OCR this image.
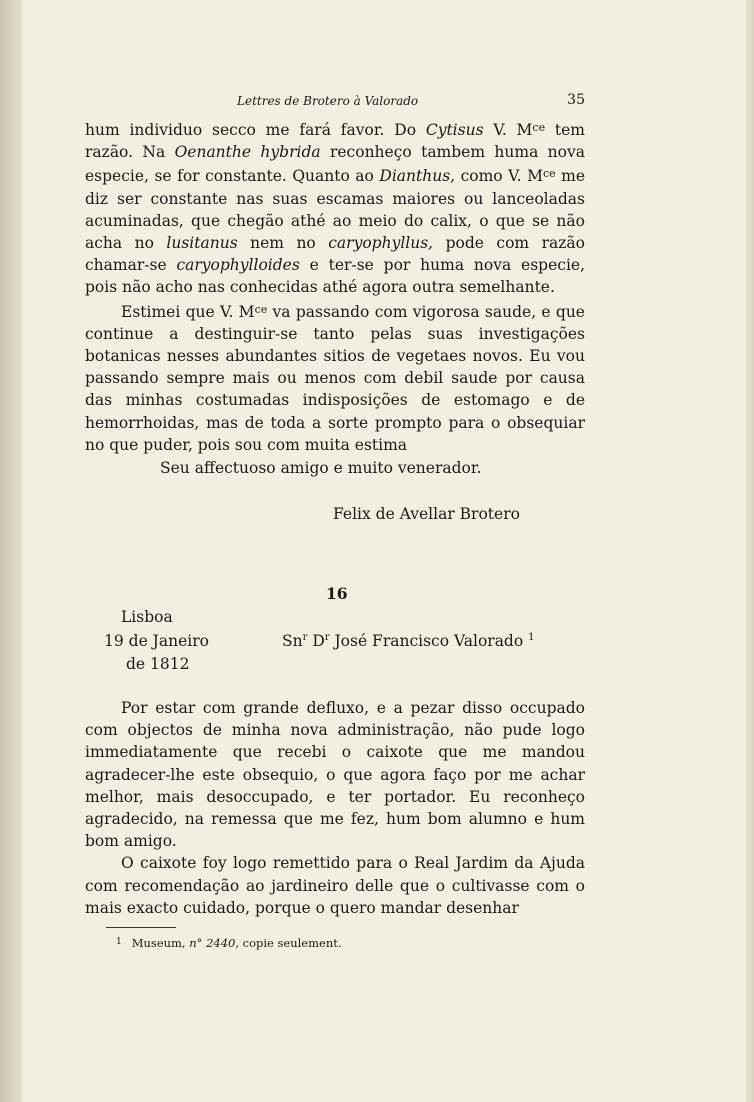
Lettres de Brotero à Valorado	35

hum individuo secco me fará favor. Do Cytisus V. $M^{ce}$ tem razão. Na Oenanthe hybrida reconheço tambem huma nova especie, se for constante. Quanto ao Dianthus, como V. $M^{ce}$ me diz ser constante nas suas escamas maiores ou lanceoladas acuminadas, que chegão athé ao meio do calix, o que se não acha no lusitanus nem no caryophyllus, pode com razão chamar-se caryophylloides e ter-se por huma nova especie, pois não acho nas conhecidas athé agora outra semelhante.

Estimei que V. $M^{ce}$ va passando com vigorosa saude, e que continue a destinguir-se tanto pelas suas investigações botanicas nesses abundantes sitios de vegetaes novos. Eu vou passando sempre mais ou menos com debil saude por causa das minhas costumadas indisposições de estomago e de hemorrhoidas, mas de toda a sorte prompto para o obsequiar no que puder, pois sou com muita estima

Seu affectuoso amigo e muito venerador.
Felix de Avellar Brotero
16
Lisboa
19 de Janeiro
de 1812
Sn$^r$ $D^r$ José Francisco Valorado $^1$

Por estar com grande defluxo, e a pezar disso occupado com objectos de minha nova administração, não pude logo immediatamente que recebi o caixote que me mandou agradecer-lhe este obsequio, o que agora faço por me achar melhor, mais desoccupado, e ter portador. Eu reconheço agradecido, na remessa que me fez, hum bom alumno e hum bom amigo.

O caixote foy logo remettido para o Real Jardim da Ajuda com recomendação ao jardineiro delle que o cultivasse com o mais exacto cuidado, porque o quero mandar desenhar

$^1$ Museum, n° 2440, copie seulement.
